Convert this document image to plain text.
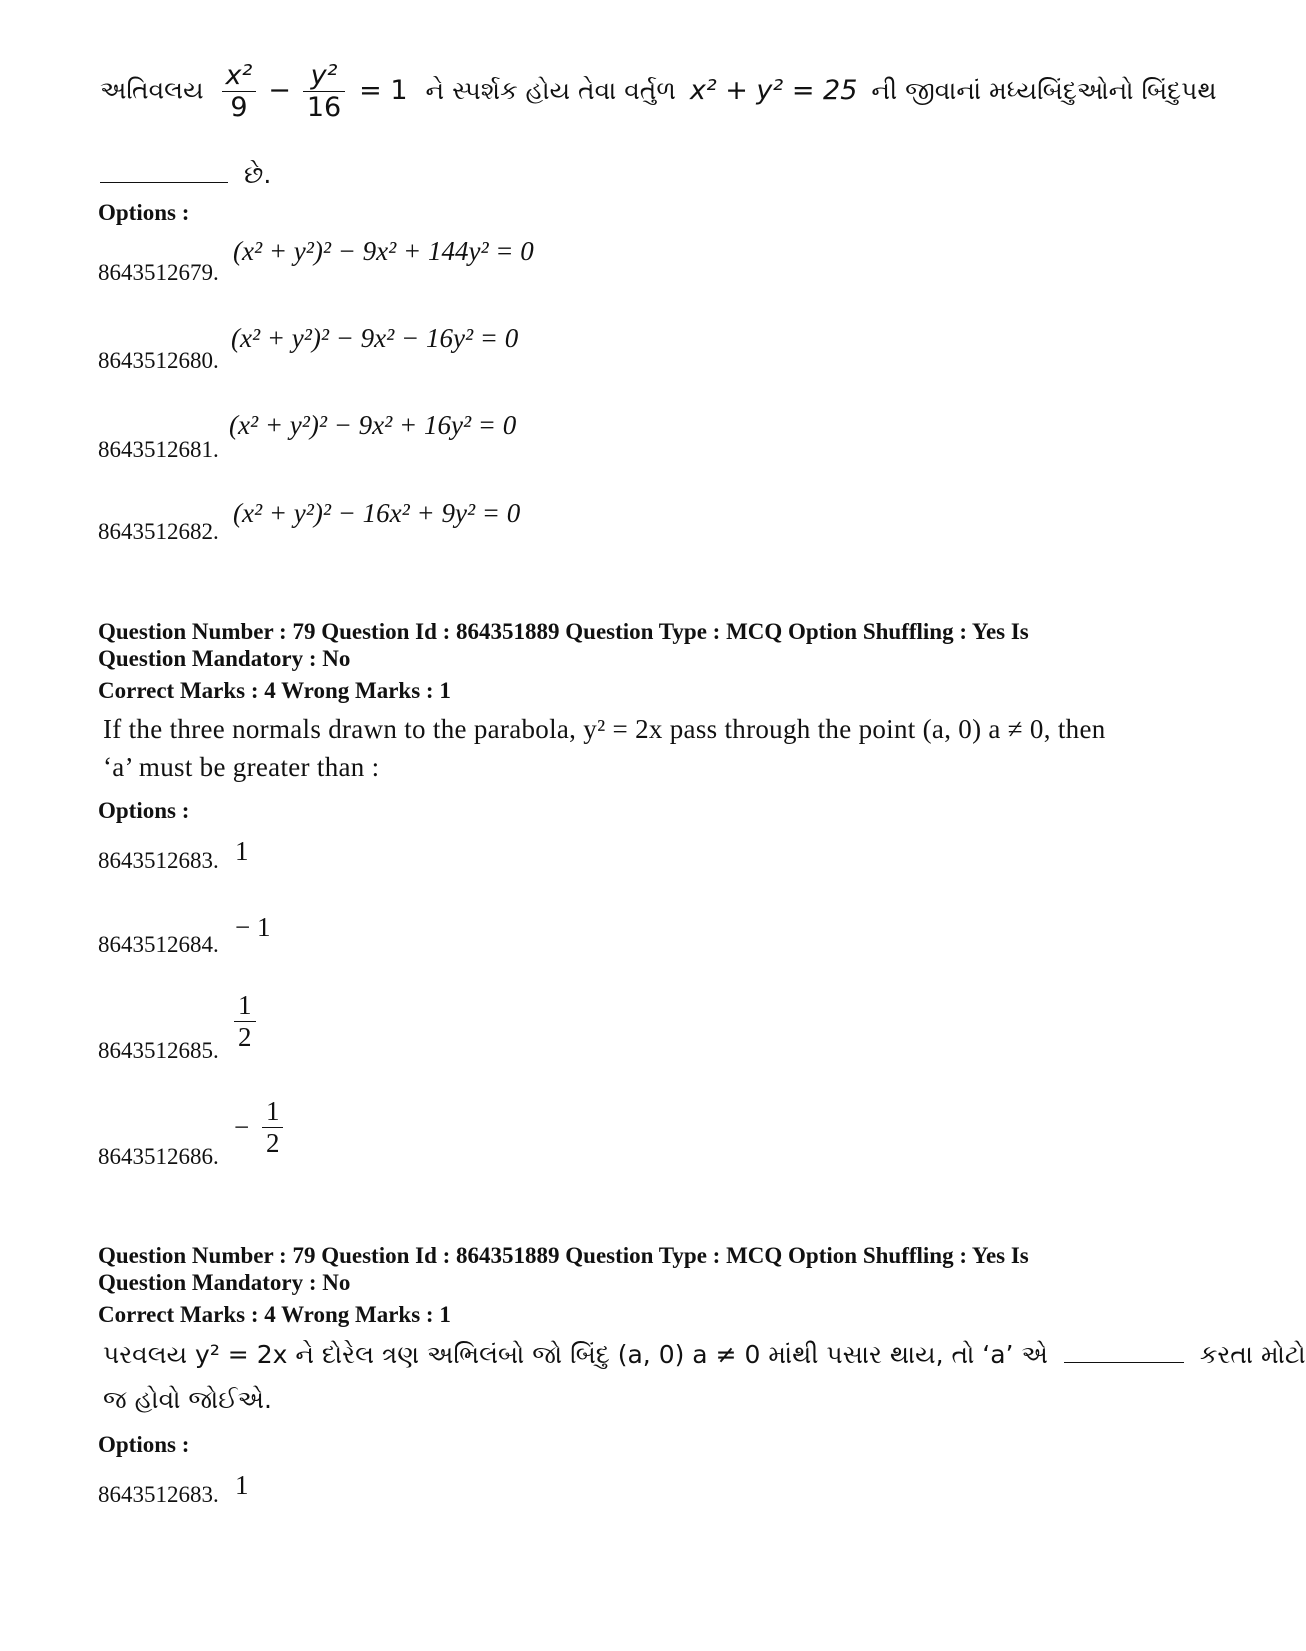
અતિવલય $\frac{\text{x²}}{9} - \frac{\text{y²}}{16} = 1$ ને સ્પર્શક હોય તેવા વર્તુળ x² + y² = 25 ની જીવાનાં મધ્યબિંદુઓનો બિંદુપથ
છે.
Options :
8643512679.
(x² + y²)² − 9x² + 144y² = 0
8643512680.
(x² + y²)² − 9x² − 16y² = 0
8643512681.
(x² + y²)² − 9x² + 16y² = 0
8643512682.
(x² + y²)² − 16x² + 9y² = 0
Question Number : 79 Question Id : 864351889 Question Type : MCQ Option Shuffling : Yes Is
Question Mandatory : No
Correct Marks : 4 Wrong Marks : 1
If the three normals drawn to the parabola, y² = 2x pass through the point (a, 0) a ≠ 0, then
‘a’ must be greater than :
Options :
8643512683. 1
8643512684.
− 1
8643512685. $\frac{1}{2}$
8643512686.
− $\frac{1}{2}$
Question Number : 79 Question Id : 864351889 Question Type : MCQ Option Shuffling : Yes Is
Question Mandatory : No
Correct Marks : 4 Wrong Marks : 1
પરવલય y² = 2x ને દોરેલ ત્રણ અભિલંબો જો બિંદુ (a, 0) a ≠ 0 માંથી પસાર થાય, તો ‘a’ એ	કરતા મોટો
જ હોવો જોઈએ.
Options :
8643512683. 1
